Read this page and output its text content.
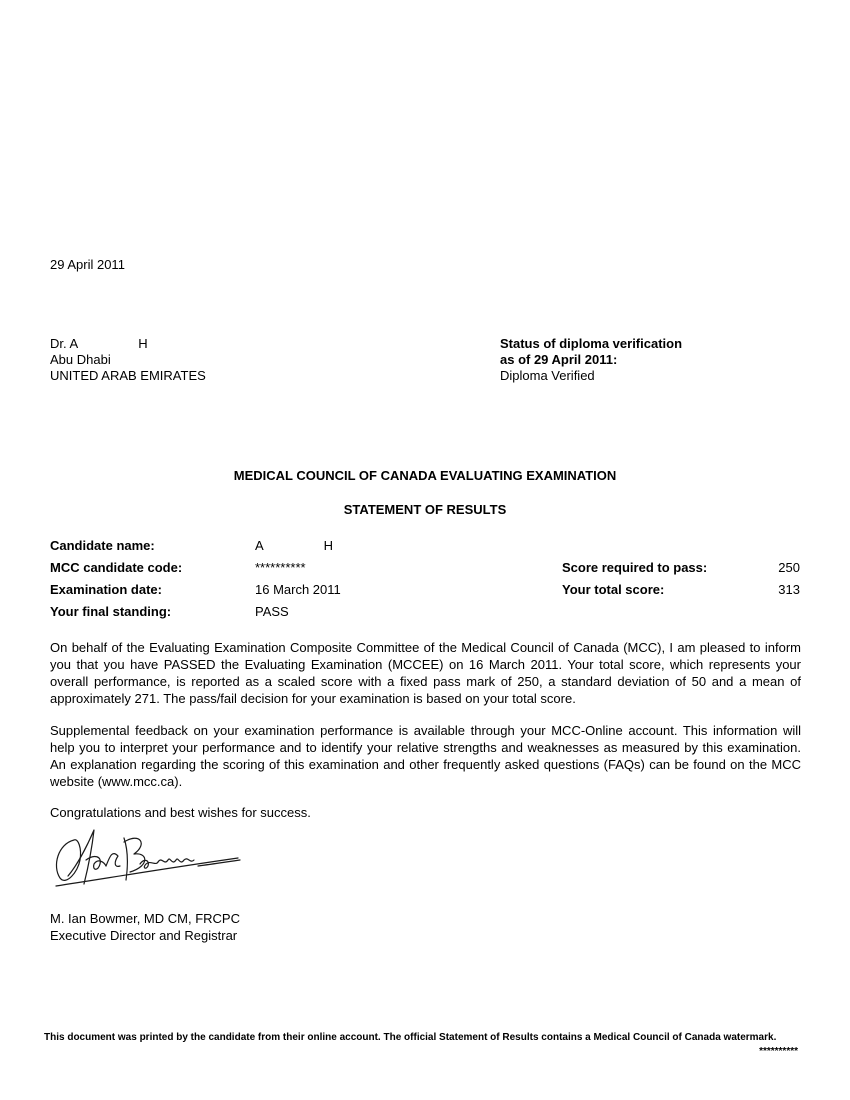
29 April 2011
Dr. A	H
Abu Dhabi
UNITED ARAB EMIRATES
Status of diploma verification
as of 29 April 2011:
Diploma Verified
MEDICAL COUNCIL OF CANADA EVALUATING EXAMINATION
STATEMENT OF RESULTS
Candidate name:	A	H
MCC candidate code:	**********
Examination date:	16 March 2011
Your final standing:	PASS
Score required to pass:	250
Your total score:	313
On behalf of the Evaluating Examination Composite Committee of the Medical Council of Canada (MCC), I am pleased to inform you that you have PASSED the Evaluating Examination (MCCEE) on 16 March 2011. Your total score, which represents your overall performance, is reported as a scaled score with a fixed pass mark of 250, a standard deviation of 50 and a mean of approximately 271. The pass/fail decision for your examination is based on your total score.
Supplemental feedback on your examination performance is available through your MCC-Online account. This information will help you to interpret your performance and to identify your relative strengths and weaknesses as measured by this examination. An explanation regarding the scoring of this examination and other frequently asked questions (FAQs) can be found on the MCC website (www.mcc.ca).
Congratulations and best wishes for success.
M. Ian Bowmer, MD CM, FRCPC
Executive Director and Registrar
This document was printed by the candidate from their online account. The official Statement of Results contains a Medical Council of Canada watermark.
**********
